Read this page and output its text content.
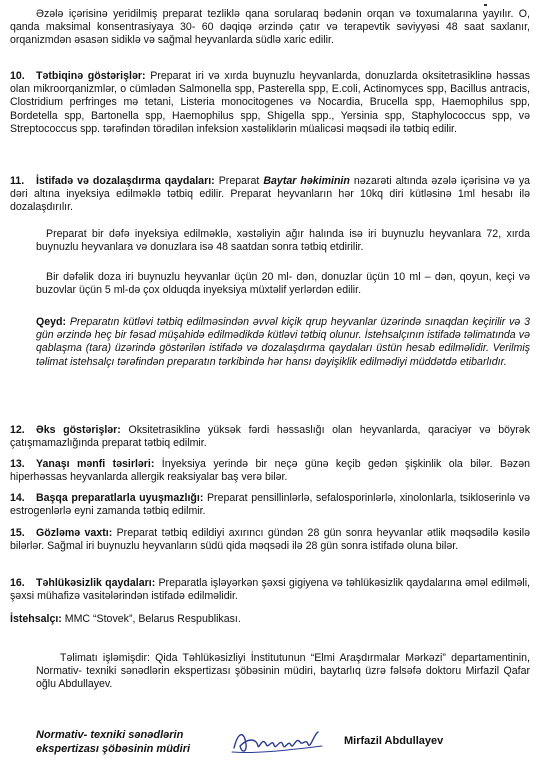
Əzələ içərisinə yeridilmiş preparat tezliklə qana sorularaq bədənin orqan və toxumalarına yayılır. O, qanda maksimal konsentrasiyaya 30- 60 dəqiqə ərzində çatır və terapevtik səviyyəsi 48 saat saxlanır, orqanizmdən əsasən sidiklə və sağmal heyvanlarda südlə xaric edilir.
10. Tətbiqinə göstərişlər: Preparat iri və xırda buynuzlu heyvanlarda, donuzlarda oksitetrasiklinə həssas olan mikroorqanizmlər, o cümlədən Salmonella spp, Pasterella spp, E.coli, Actinomyces spp, Bacillus antracis, Clostridium perfringes mə tetani, Listeria monocitogenes və Nocardia, Brucella spp, Haemophilus spp, Bordetella spp, Bartonella spp, Haemophilus spp, Shigella spp., Yersinia spp, Staphylococcus spp, və Streptococcus spp. tərəfindən törədilən infeksion xəstəliklərin müalicəsi məqsədi ilə tətbiq edilir.
11. İstifadə və dozalaşdırma qaydaları: Preparat Baytar həkiminin nəzarəti altında əzələ içərisinə və ya dəri altına inyeksiya edilməklə tətbiq edilir. Preparat heyvanların hər 10kq diri kütləsinə 1ml hesabı ilə dozalaşdırılır.
Preparat bir dəfə inyeksiya edilməklə, xəstəliyin ağır halında isə iri buynuzlu heyvanlara 72, xırda buynuzlu heyvanlara və donuzlara isə 48 saatdan sonra tətbiq etdirilir.
Bir dəfəlik doza iri buynuzlu heyvanlar üçün 20 ml- dən, donuzlar üçün 10 ml – dən, qoyun, keçi və buzovlar üçün 5 ml-də çox olduqda inyeksiya müxtəlif yerlərdən edilir.
Qeyd: Preparatın kütləvi tətbiq edilməsindən əvvəl kiçik qrup heyvanlar üzərində sınaqdan keçirilir və 3 gün ərzində heç bir fəsad müşahidə edilmədikdə kütləvi tətbiq olunur. İstehsalçının istifadə təlimatında və qablaşma (tara) üzərində göstərilən istifadə və dozalaşdırma qaydaları üstün hesab edilməlidir. Verilmiş təlimat istehsalçı tərəfindən preparatın tərkibində hər hansı dəyişiklik edilmədiyi müddətdə etibarlıdır.
12. Əks göstərişlər: Oksitetrasiklinə yüksək fərdi həssaslığı olan heyvanlarda, qaraciyər və böyrək çatışmamazlığında preparat tətbiq edilmir.
13. Yanaşı mənfi təsirləri: İnyeksiya yerində bir neçə günə keçib gedən şişkinlik ola bilər. Bəzən hiperhəssas heyvanlarda allergik reaksiyalar baş verə bilər.
14. Başqa preparatlarla uyuşmazlığı: Preparat pensillinlərlə, sefalosporinlərlə, xinolonlarla, tsikloserinlə və estrogenlərlə eyni zamanda tətbiq edilmir.
15. Gözləmə vaxtı: Preparat tətbiq edildiyi axırıncı gündən 28 gün sonra heyvanlar ətlik məqsədilə kəsilə bilərlər. Sağmal iri buynuzlu heyvanların südü qida məqsədi ilə 28 gün sonra istifadə oluna bilər.
16. Təhlükəsizlik qaydaları: Preparatla işləyərkən şəxsi gigiyena və təhlükəsizlik qaydalarına əməl edilməli, şəxsi mühafizə vasitələrindən istifadə edilməlidir.
İstehsalçı: MMC “Stovek”, Belarus Respublikası.
Təlimatı işləmişdir: Qida Təhlükəsizliyi İnstitutunun “Elmi Araşdırmalar Mərkəzi” departamentinin, Normativ- texniki sənədlərin ekspertizası şöbəsinin müdiri, baytarlıq üzrə fəlsəfə doktoru Mirfazil Qafar oğlu Abdullayev.
Normativ- texniki sənədlərin
ekspertizası şöbəsinin müdiri
Mirfazil Abdullayev
